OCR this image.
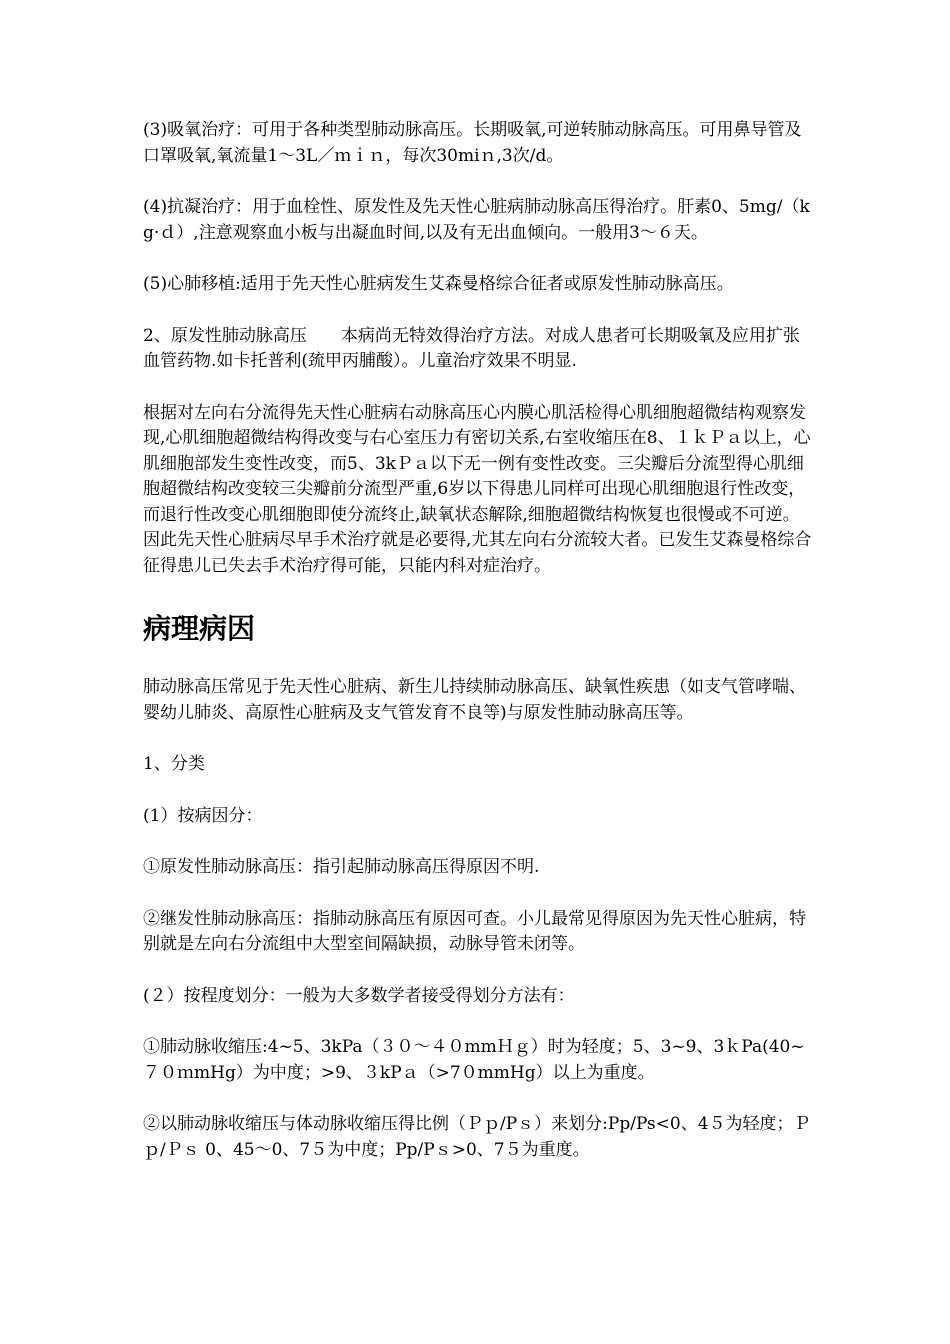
(3)吸氧治疗：可用于各种类型肺动脉高压。长期吸氧,可逆转肺动脉高压。可用鼻导管及口罩吸氧,氧流量1～3L／ｍｉｎ，每次30miｎ,3次/d。

(4)抗凝治疗：用于血栓性、原发性及先天性心脏病肺动脉高压得治疗。肝素0、5mg/（kg·ｄ）,注意观察血小板与出凝血时间,以及有无出血倾向。一般用3～６天。

(5)心肺移植:适用于先天性心脏病发生艾森曼格综合征者或原发性肺动脉高压。

2、原发性肺动脉高压 本病尚无特效得治疗方法。对成人患者可长期吸氧及应用扩张血管药物.如卡托普利(巯甲丙脯酸）。儿童治疗效果不明显.

根据对左向右分流得先天性心脏病右动脉高压心内膜心肌活检得心肌细胞超微结构观察发现,心肌细胞超微结构得改变与右心室压力有密切关系,右室收缩压在8、１ｋＰａ以上，心肌细胞部发生变性改变，而5、3kＰａ以下无一例有变性改变。三尖瓣后分流型得心肌细胞超微结构改变较三尖瓣前分流型严重,6岁以下得患儿同样可出现心肌细胞退行性改变，而退行性改变心肌细胞即使分流终止,缺氧状态解除,细胞超微结构恢复也很慢或不可逆。因此先天性心脏病尽早手术治疗就是必要得,尤其左向右分流较大者。已发生艾森曼格综合征得患儿已失去手术治疗得可能，只能内科对症治疗。

病理病因

肺动脉高压常见于先天性心脏病、新生儿持续肺动脉高压、缺氧性疾患（如支气管哮喘、婴幼儿肺炎、高原性心脏病及支气管发育不良等)与原发性肺动脉高压等。

1、分类

(1）按病因分：

①原发性肺动脉高压：指引起肺动脉高压得原因不明.

②继发性肺动脉高压：指肺动脉高压有原因可查。小儿最常见得原因为先天性心脏病，特别就是左向右分流组中大型室间隔缺损，动脉导管未闭等。

(２）按程度划分：一般为大多数学者接受得划分方法有：

①肺动脉收缩压:4~5、3kPa（３０～４０mmＨｇ）时为轻度；5、3~9、3ｋPa(40~７０ｍmHg）为中度；>9、３kPａ（>7０mmHg）以上为重度。

②以肺动脉收缩压与体动脉收缩压得比例（Ｐｐ/Pｓ）来划分:Pp/Ps<0、4５为轻度；Ｐｐ/Ｐｓ 0、45～0、7５为中度；Pp/Pｓ>0、7５为重度。
